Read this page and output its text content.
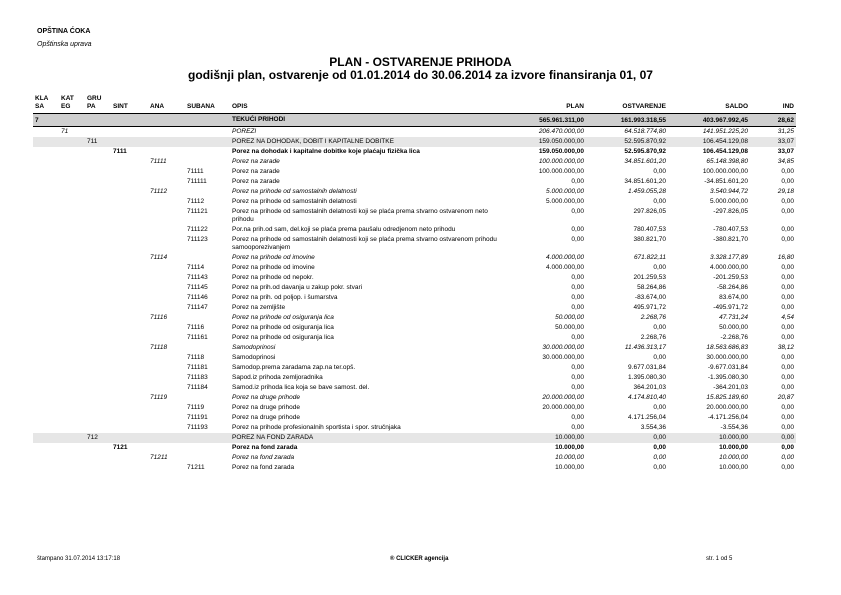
OPŠTINA ĆOKA
Opštinska uprava
PLAN - OSTVARENJE PRIHODA
godišnji plan, ostvarenje od 01.01.2014 do 30.06.2014 za izvore finansiranja 01, 07
KLA SA	KAT EG	GRU PA	SINT	ANA	SUBANA	OPIS	PLAN	OSTVARENJE	SALDO	IND
7						TEKUĆI PRIHODI	565.961.311,00	161.993.318,55	403.967.992,45	28,62
	71					POREZI	206.470.000,00	64.518.774,80	141.951.225,20	31,25
		711				POREZ NA DOHODAK, DOBIT I KAPITALNE DOBITKE	159.050.000,00	52.595.870,92	106.454.129,08	33,07
			7111			Porez na dohodak i kapitalne dobitke koje plaćaju fizička lica	159.050.000,00	52.595.870,92	106.454.129,08	33,07
				71111		Porez na zarade	100.000.000,00	34.851.601,20	65.148.398,80	34,85
					71111	Porez na zarade	100.000.000,00	0,00	100.000.000,00	0,00
					711111	Porez na zarade	0,00	34.851.601,20	-34.851.601,20	0,00
				71112		Porez na prihode od samostalnih delatnosti	5.000.000,00	1.459.055,28	3.540.944,72	29,18
					71112	Porez na prihode od samostalnih delatnosti	5.000.000,00	0,00	5.000.000,00	0,00
					711121	Porez na prihode od samostalnih delatnosti koji se plaća prema stvarno ostvarenom neto prihodu	0,00	297.826,05	-297.826,05	0,00
					711122	Por.na prih.od sam, del.koji se plaća prema paušalu odredjenom neto prihodu	0,00	780.407,53	-780.407,53	0,00
					711123	Porez na prihode od samostalnih delatnosti koji se plaća prema stvarno ostvarenom prihodu samooporezivanjem	0,00	380.821,70	-380.821,70	0,00
				71114		Porez na prihode od imovine	4.000.000,00	671.822,11	3.328.177,89	16,80
					71114	Porez na prihode od imovine	4.000.000,00	0,00	4.000.000,00	0,00
					711143	Porez na prihode od nepokr.	0,00	201.259,53	-201.259,53	0,00
					711145	Porez na prih.od davanja u zakup pokr. stvari	0,00	58.264,86	-58.264,86	0,00
					711146	Porez na prih. od poljop. i šumarstva	0,00	-83.674,00	83.674,00	0,00
					711147	Porez na zemljište	0,00	495.971,72	-495.971,72	0,00
				71116		Porez na prihode od osiguranja lica	50.000,00	2.268,76	47.731,24	4,54
					71116	Porez na prihode od osiguranja lica	50.000,00	0,00	50.000,00	0,00
					711161	Porez na prihode od osiguranja lica	0,00	2.268,76	-2.268,76	0,00
				71118		Samodoprinosi	30.000.000,00	11.436.313,17	18.563.686,83	38,12
					71118	Samodoprinosi	30.000.000,00	0,00	30.000.000,00	0,00
					711181	Samodop.prema zaradama zap.na ter.opš.	0,00	9.677.031,84	-9.677.031,84	0,00
					711183	Sapod.iz prihoda zemljoradnika	0,00	1.395.080,30	-1.395.080,30	0,00
					711184	Samod.iz prihoda lica koja se bave samost. del.	0,00	364.201,03	-364.201,03	0,00
				71119		Porez na druge prihode	20.000.000,00	4.174.810,40	15.825.189,60	20,87
					71119	Porez na druge prihode	20.000.000,00	0,00	20.000.000,00	0,00
					711191	Porez na druge prihode	0,00	4.171.256,04	-4.171.256,04	0,00
					711193	Porez na prihode profesionalnih sportista i spor. stručnjaka	0,00	3.554,36	-3.554,36	0,00
		712				POREZ NA FOND ZARADA	10.000,00	0,00	10.000,00	0,00
			7121			Porez na fond zarada	10.000,00	0,00	10.000,00	0,00
				71211		Porez na fond zarada	10.000,00	0,00	10.000,00	0,00
					71211	Porez na fond zarada	10.000,00	0,00	10.000,00	0,00
štampano 31.07.2014 13:17:18	® CLICKER agencija	str. 1 od 5
